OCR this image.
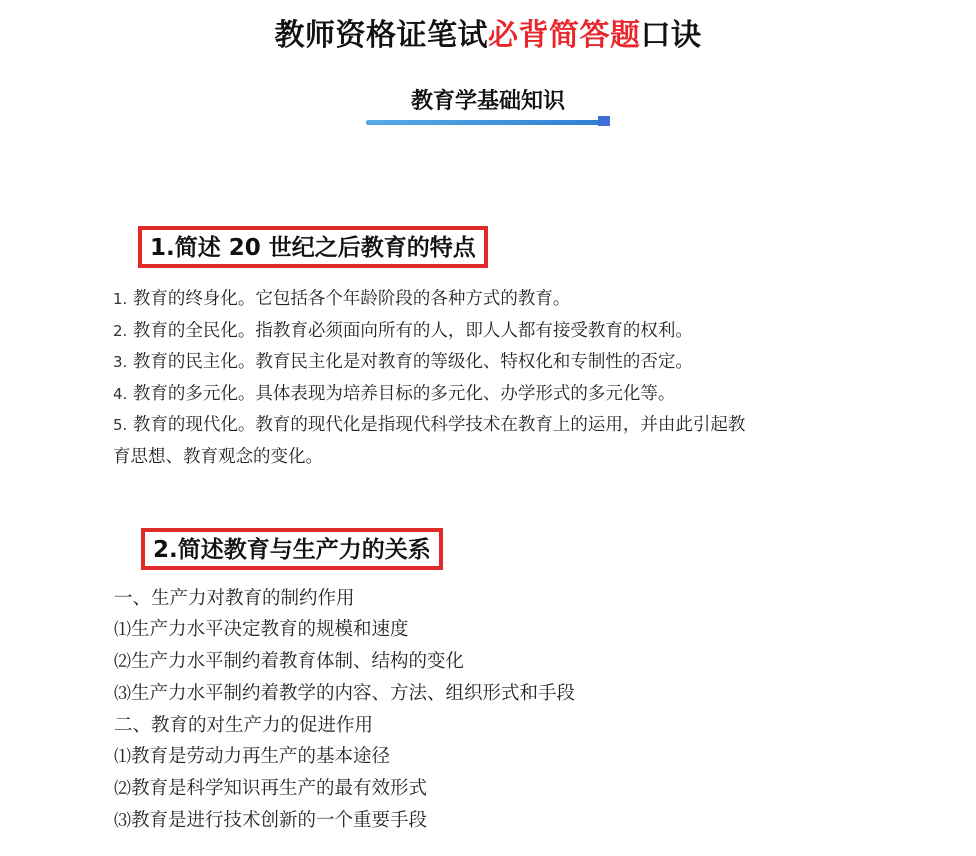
教师资格证笔试必背简答题口诀
教育学基础知识
1.简述 20 世纪之后教育的特点
1. 教育的终身化。它包括各个年龄阶段的各种方式的教育。
2. 教育的全民化。指教育必须面向所有的人，即人人都有接受教育的权利。
3. 教育的民主化。教育民主化是对教育的等级化、特权化和专制性的否定。
4. 教育的多元化。具体表现为培养目标的多元化、办学形式的多元化等。
5. 教育的现代化。教育的现代化是指现代科学技术在教育上的运用，并由此引起教
育思想、教育观念的变化。
2.简述教育与生产力的关系
一、生产力对教育的制约作用
⑴生产力水平决定教育的规模和速度
⑵生产力水平制约着教育体制、结构的变化
⑶生产力水平制约着教学的内容、方法、组织形式和手段
二、教育的对生产力的促进作用
⑴教育是劳动力再生产的基本途径
⑵教育是科学知识再生产的最有效形式
⑶教育是进行技术创新的一个重要手段
